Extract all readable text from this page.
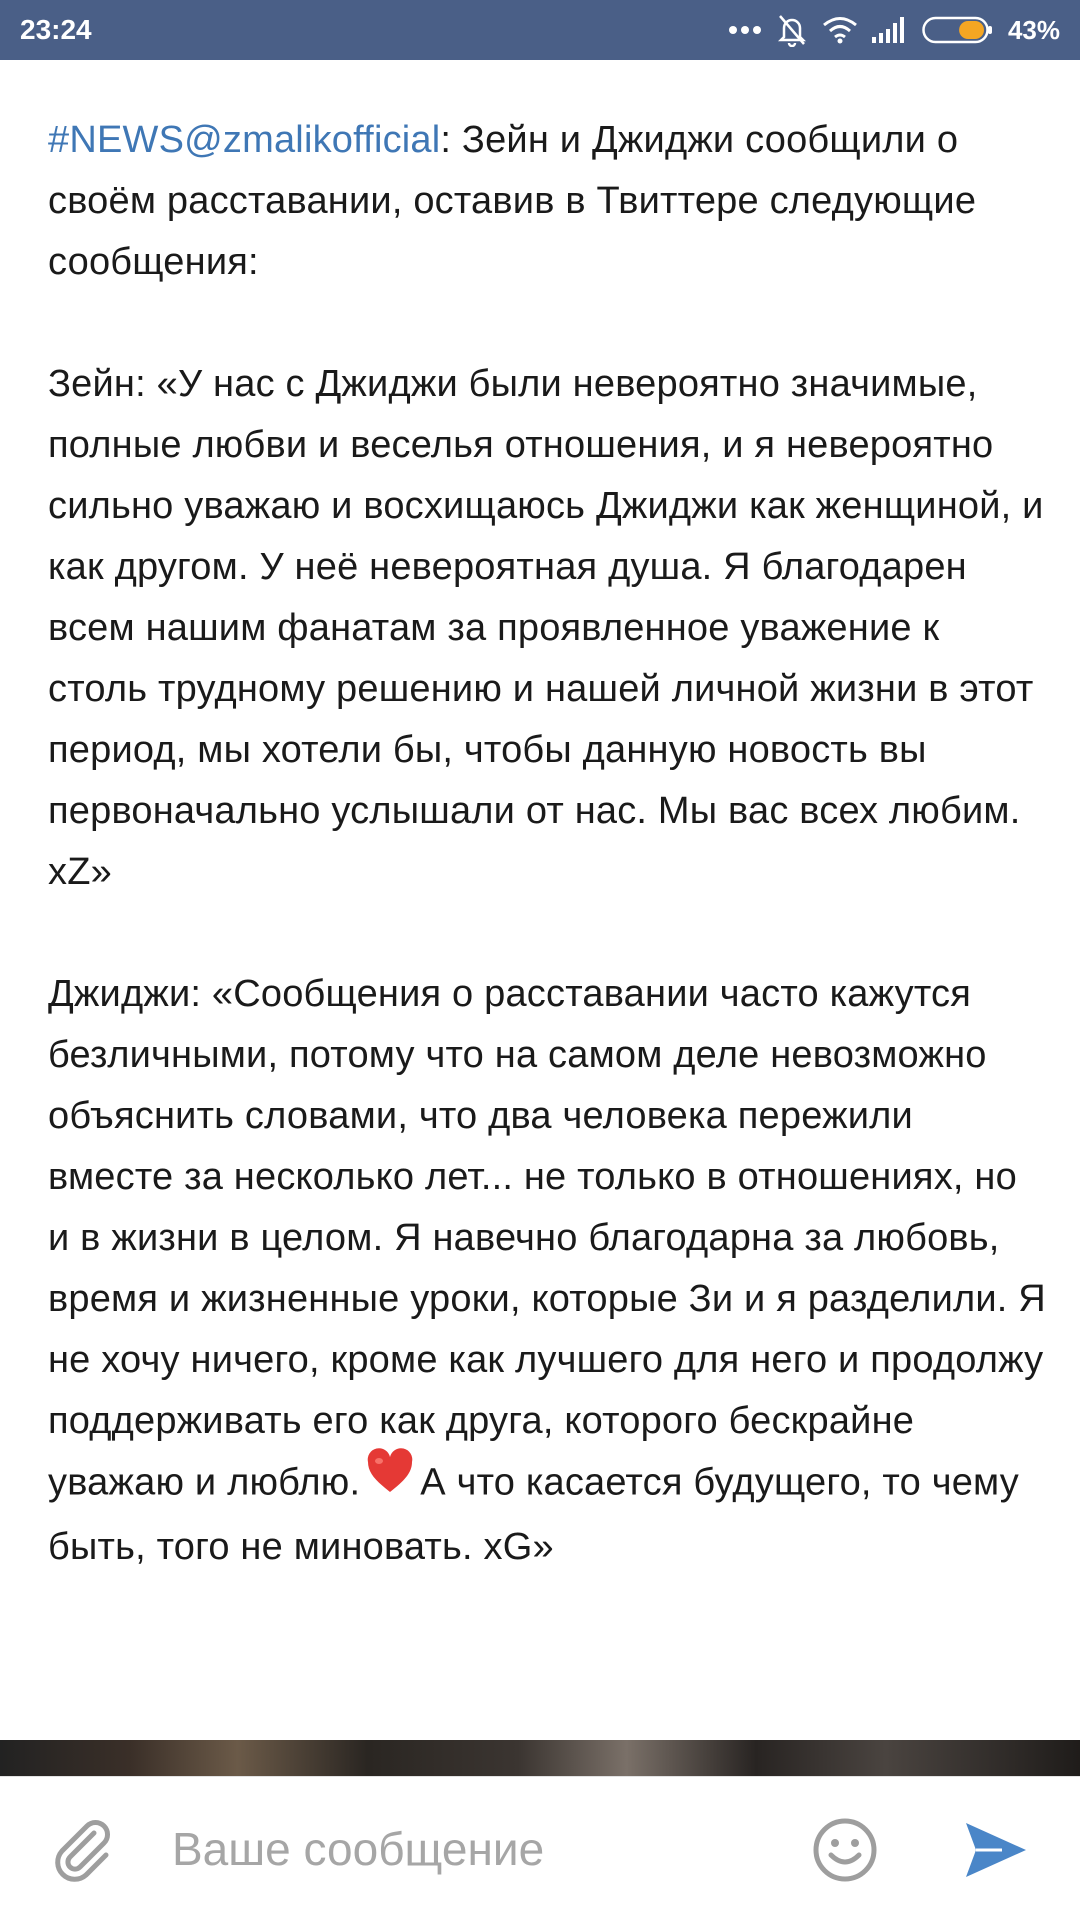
23:24	43%

#NEWS@zmalikofficial: Зейн и Джиджи сообщили о своём расставании, оставив в Твиттере следующие сообщения:

Зейн: «У нас с Джиджи были невероятно значимые, полные любви и веселья отношения, и я невероятно сильно уважаю и восхищаюсь Джиджи как женщиной, и как другом. У неё невероятная душа. Я благодарен всем нашим фанатам за проявленное уважение к столь трудному решению и нашей личной жизни в этот период, мы хотели бы, чтобы данную новость вы первоначально услышали от нас. Мы вас всех любим. xZ»

Джиджи: «Сообщения о расставании часто кажутся безличными, потому что на самом деле невозможно объяснить словами, что два человека пережили вместе за несколько лет... не только в отношениях, но и в жизни в целом. Я навечно благодарна за любовь, время и жизненные уроки, которые Зи и я разделили. Я не хочу ничего, кроме как лучшего для него и продолжу поддерживать его как друга, которого бескрайне уважаю и люблю. А что касается будущего, то чему быть, того не миновать. xG»

Ваше сообщение
